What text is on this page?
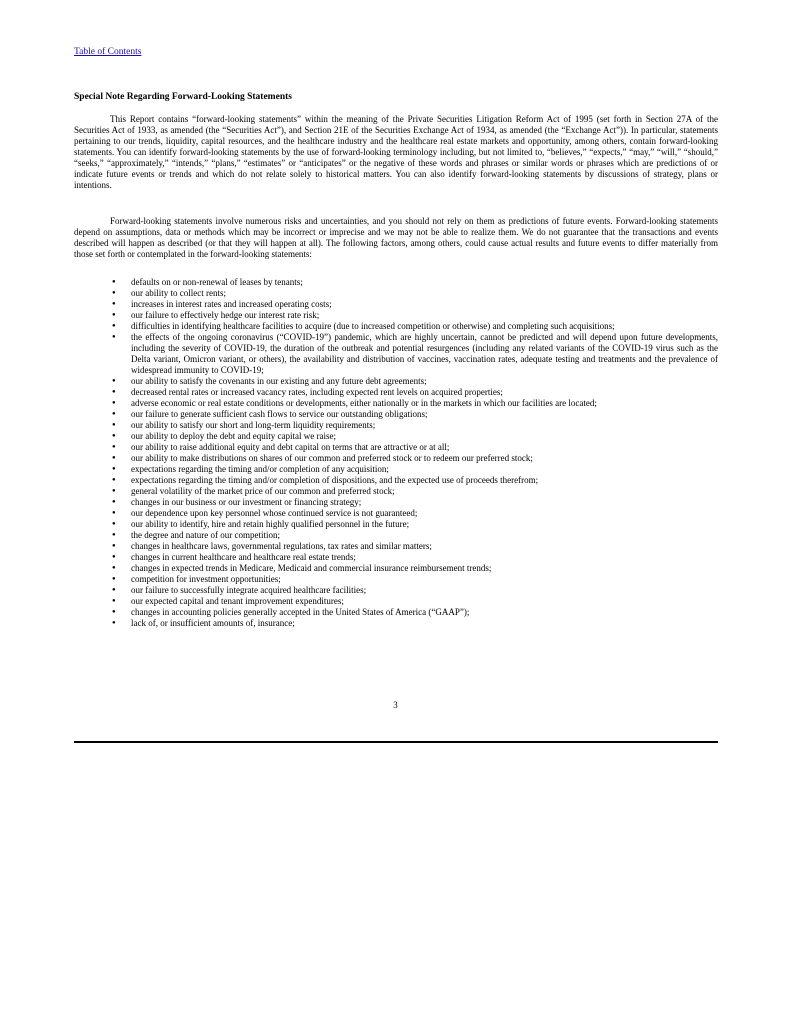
Table of Contents
Special Note Regarding Forward-Looking Statements

This Report contains “forward-looking statements” within the meaning of the Private Securities Litigation Reform Act of 1995 (set forth in Section 27A of the Securities Act of 1933, as amended (the “Securities Act”), and Section 21E of the Securities Exchange Act of 1934, as amended (the “Exchange Act”)). In particular, statements pertaining to our trends, liquidity, capital resources, and the healthcare industry and the healthcare real estate markets and opportunity, among others, contain forward-looking statements. You can identify forward-looking statements by the use of forward-looking terminology including, but not limited to, “believes,” “expects,” “may,” “will,” “should,” “seeks,” “approximately,” “intends,” “plans,” “estimates” or “anticipates” or the negative of these words and phrases or similar words or phrases which are predictions of or indicate future events or trends and which do not relate solely to historical matters. You can also identify forward-looking statements by discussions of strategy, plans or intentions.

Forward-looking statements involve numerous risks and uncertainties, and you should not rely on them as predictions of future events. Forward-looking statements depend on assumptions, data or methods which may be incorrect or imprecise and we may not be able to realize them. We do not guarantee that the transactions and events described will happen as described (or that they will happen at all). The following factors, among others, could cause actual results and future events to differ materially from those set forth or contemplated in the forward-looking statements:

● defaults on or non-renewal of leases by tenants;
● our ability to collect rents;
● increases in interest rates and increased operating costs;
● our failure to effectively hedge our interest rate risk;
● difficulties in identifying healthcare facilities to acquire (due to increased competition or otherwise) and completing such acquisitions;
● the effects of the ongoing coronavirus (“COVID-19”) pandemic, which are highly uncertain, cannot be predicted and will depend upon future developments, including the severity of COVID-19, the duration of the outbreak and potential resurgences (including any related variants of the COVID-19 virus such as the Delta variant, Omicron variant, or others), the availability and distribution of vaccines, vaccination rates, adequate testing and treatments and the prevalence of widespread immunity to COVID-19;
● our ability to satisfy the covenants in our existing and any future debt agreements;
● decreased rental rates or increased vacancy rates, including expected rent levels on acquired properties;
● adverse economic or real estate conditions or developments, either nationally or in the markets in which our facilities are located;
● our failure to generate sufficient cash flows to service our outstanding obligations;
● our ability to satisfy our short and long-term liquidity requirements;
● our ability to deploy the debt and equity capital we raise;
● our ability to raise additional equity and debt capital on terms that are attractive or at all;
● our ability to make distributions on shares of our common and preferred stock or to redeem our preferred stock;
● expectations regarding the timing and/or completion of any acquisition;
● expectations regarding the timing and/or completion of dispositions, and the expected use of proceeds therefrom;
● general volatility of the market price of our common and preferred stock;
● changes in our business or our investment or financing strategy;
● our dependence upon key personnel whose continued service is not guaranteed;
● our ability to identify, hire and retain highly qualified personnel in the future;
● the degree and nature of our competition;
● changes in healthcare laws, governmental regulations, tax rates and similar matters;
● changes in current healthcare and healthcare real estate trends;
● changes in expected trends in Medicare, Medicaid and commercial insurance reimbursement trends;
● competition for investment opportunities;
● our failure to successfully integrate acquired healthcare facilities;
● our expected capital and tenant improvement expenditures;
● changes in accounting policies generally accepted in the United States of America (“GAAP”);
● lack of, or insufficient amounts of, insurance;
3
